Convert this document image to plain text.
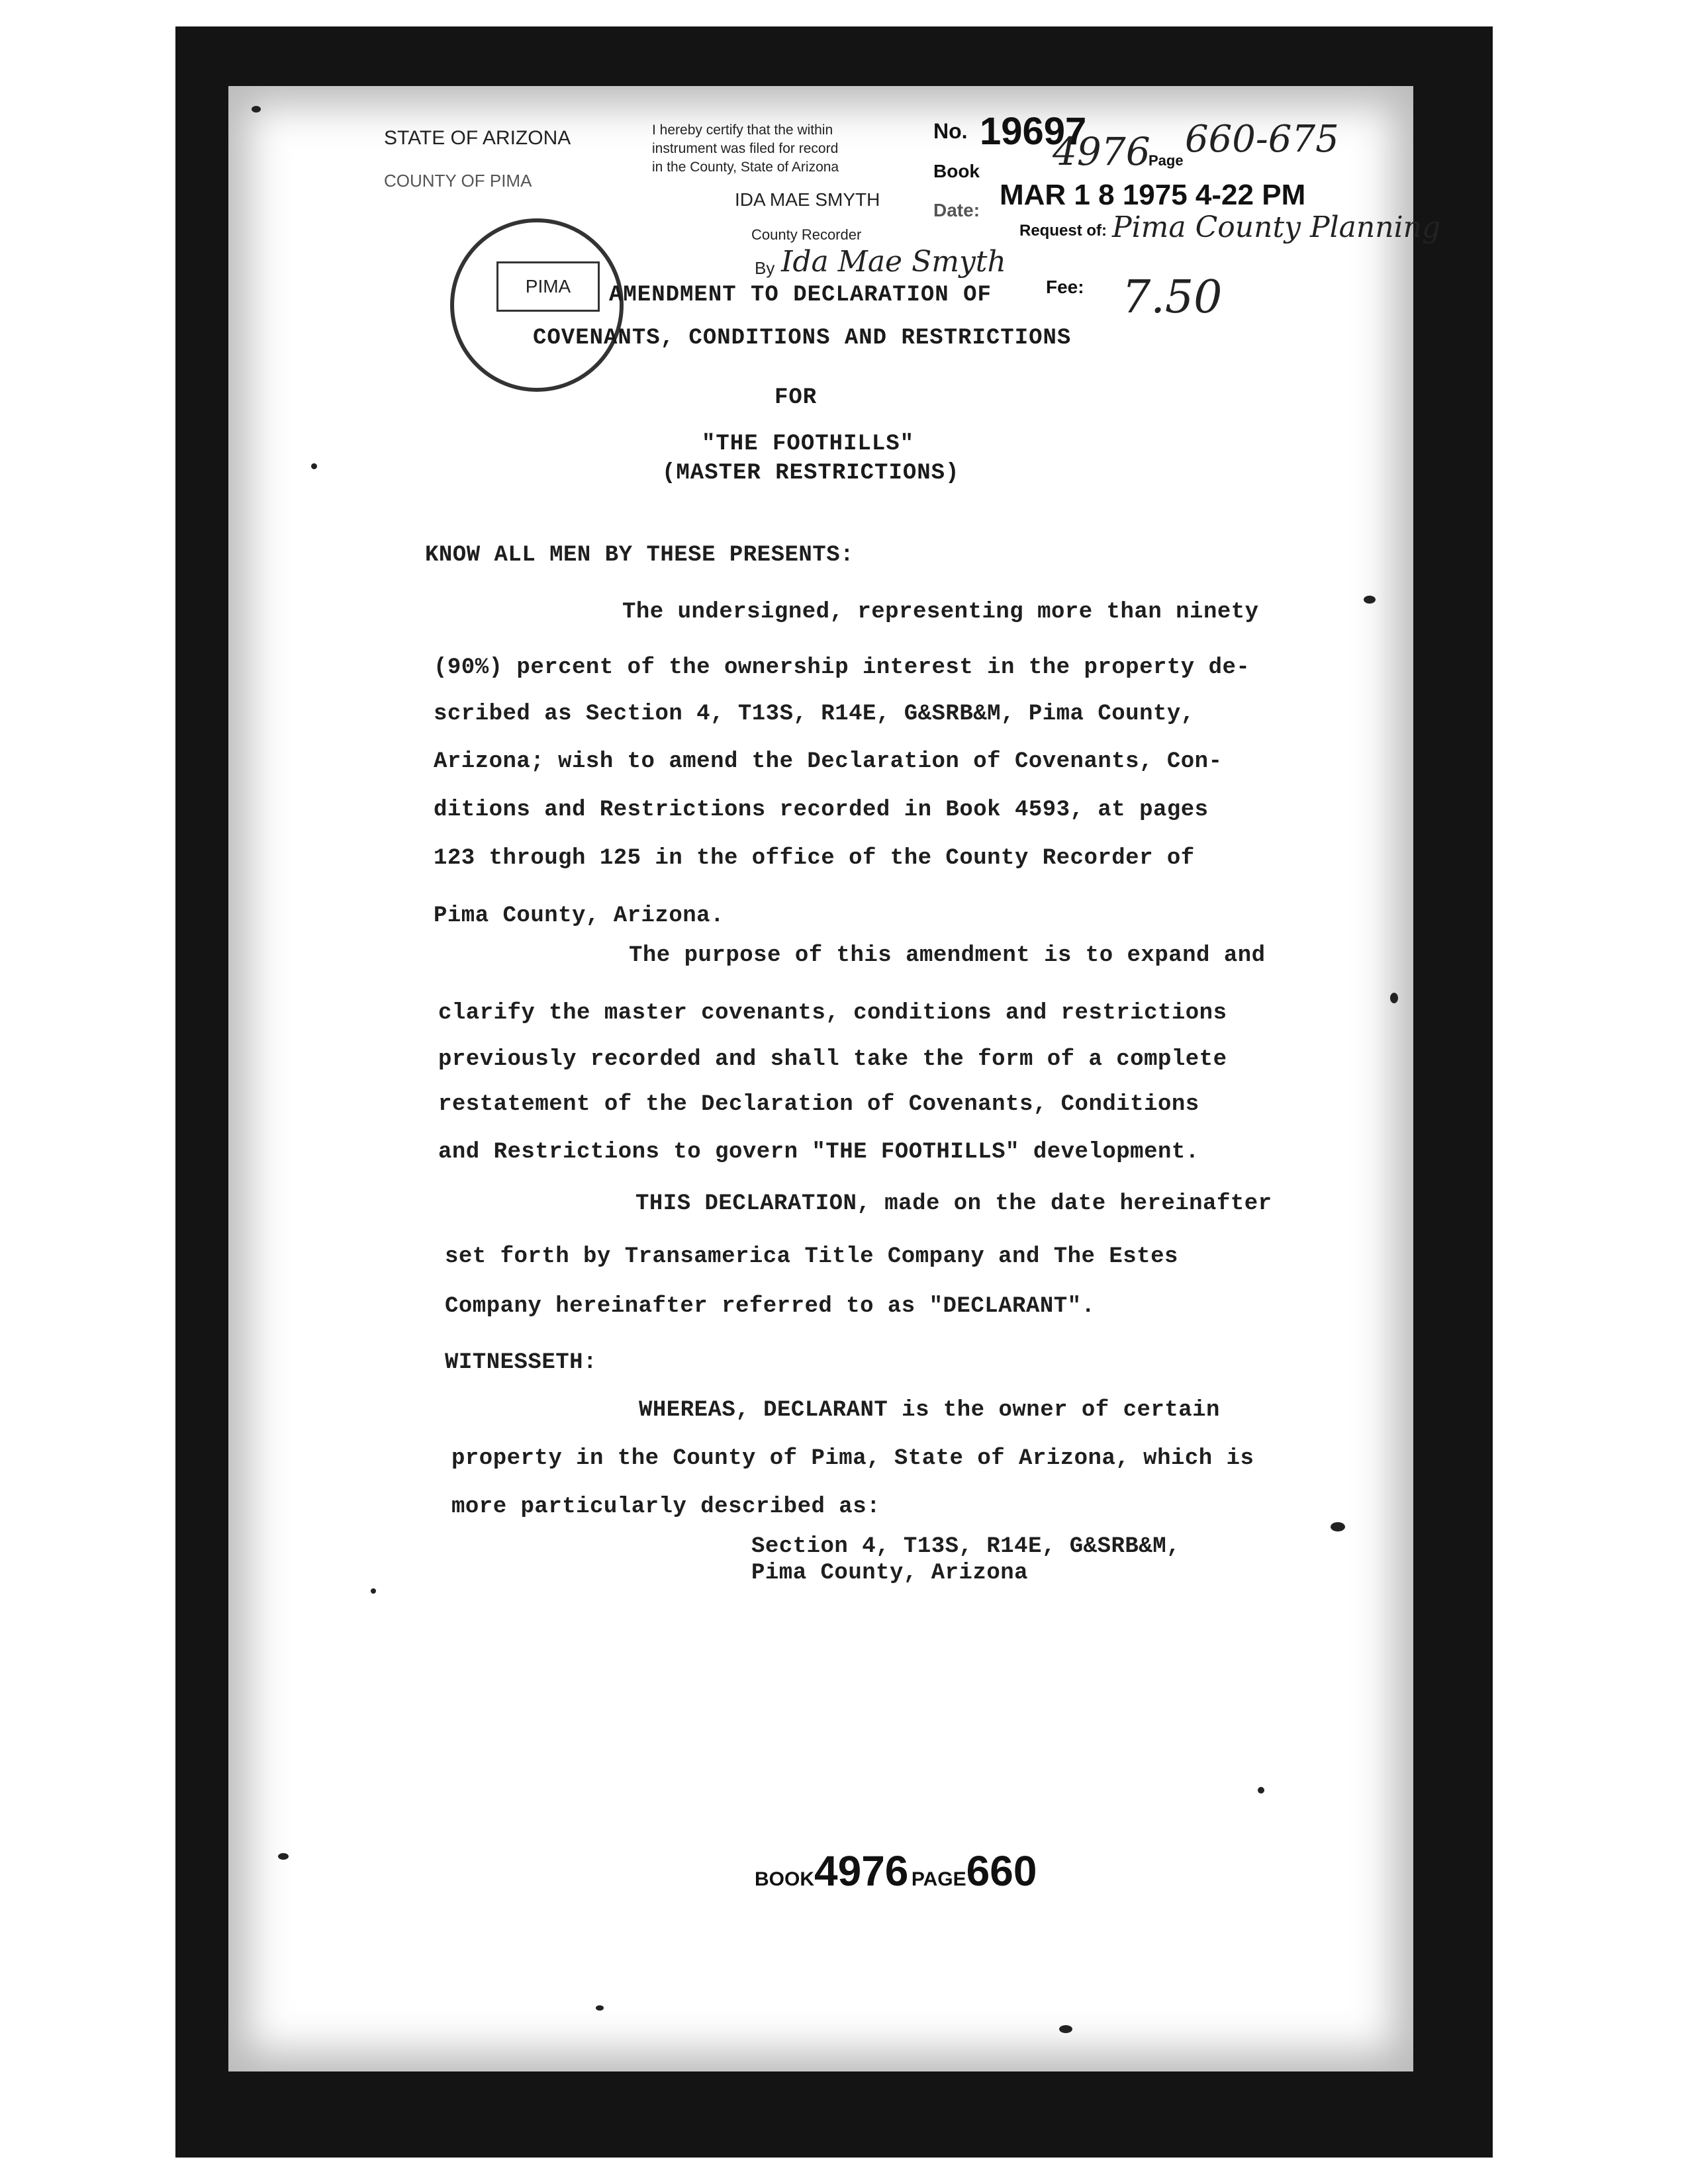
STATE OF ARIZONA
COUNTY OF PIMA
I hereby certify that the within
instrument was filed for record
in the County, State of Arizona
IDA MAE SMYTH
County Recorder
By Ida Mae Smyth
No. 19697
Book 4976
Page 660-675
Date: MAR 1 8 1975 4-22 PM
Request of: Pima County Planning
Fee: 7.50
PIMA	AMENDMENT TO DECLARATION OF
COVENANTS, CONDITIONS AND RESTRICTIONS
FOR
"THE FOOTHILLS"
(MASTER RESTRICTIONS)
KNOW ALL MEN BY THESE PRESENTS:
The undersigned, representing more than ninety
(90%) percent of the ownership interest in the property de-
scribed as Section 4, T13S, R14E, G&SRB&M, Pima County,
Arizona; wish to amend the Declaration of Covenants, Con-
ditions and Restrictions recorded in Book 4593, at pages
123 through 125 in the office of the County Recorder of
Pima County, Arizona.
The purpose of this amendment is to expand and
clarify the master covenants, conditions and restrictions
previously recorded and shall take the form of a complete
restatement of the Declaration of Covenants, Conditions
and Restrictions to govern "THE FOOTHILLS" development.
THIS DECLARATION, made on the date hereinafter
set forth by Transamerica Title Company and The Estes
Company hereinafter referred to as "DECLARANT".
WITNESSETH:
WHEREAS, DECLARANT is the owner of certain
property in the County of Pima, State of Arizona, which is
more particularly described as:
Section 4, T13S, R14E, G&SRB&M,
Pima County, Arizona
BOOK4976 PAGE660
